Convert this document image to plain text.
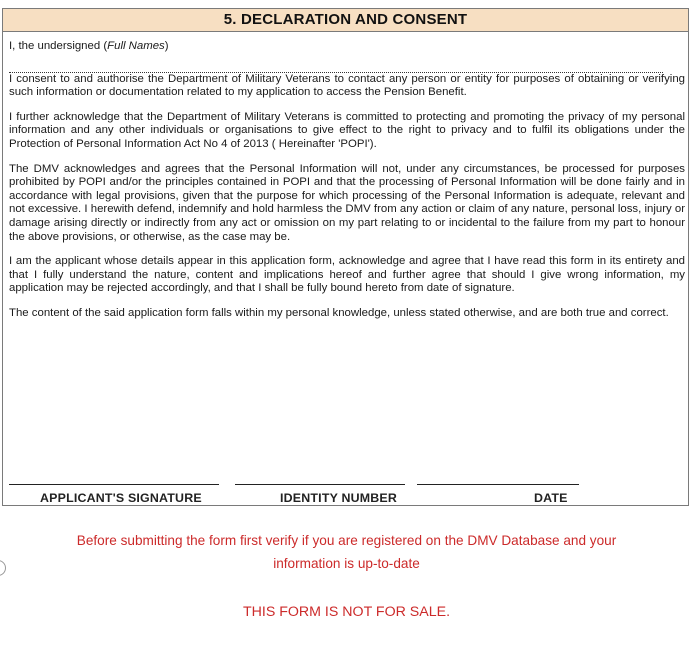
5. DECLARATION AND CONSENT

I, the undersigned (Full Names)

I consent to and authorise the Department of Military Veterans to contact any person or entity for purposes of obtaining or verifying such information or documentation related to my application to access the Pension Benefit.

I further acknowledge that the Department of Military Veterans is committed to protecting and promoting the privacy of my personal information and any other individuals or organisations to give effect to the right to privacy and to fulfil its obligations under the Protection of Personal Information Act No 4 of 2013 ( Hereinafter 'POPI').

The DMV acknowledges and agrees that the Personal Information will not, under any circumstances, be processed for purposes prohibited by POPI and/or the principles contained in POPI and that the processing of Personal Information will be done fairly and in accordance with legal provisions, given that the purpose for which processing of the Personal Information is adequate, relevant and not excessive. I herewith defend, indemnify and hold harmless the DMV from any action or claim of any nature, personal loss, injury or damage arising directly or indirectly from any act or omission on my part relating to or incidental to the failure from my part to honour the above provisions, or otherwise, as the case may be.

I am the applicant whose details appear in this application form, acknowledge and agree that I have read this form in its entirety and that I fully understand the nature, content and implications hereof and further agree that should I give wrong information, my application may be rejected accordingly, and that I shall be fully bound hereto from date of signature.

The content of the said application form falls within my personal knowledge, unless stated otherwise, and are both true and correct.

APPLICANT'S SIGNATURE	IDENTITY NUMBER	DATE
Before submitting the form first verify if you are registered on the DMV Database and your
information is up-to-date
THIS FORM IS NOT FOR SALE.
